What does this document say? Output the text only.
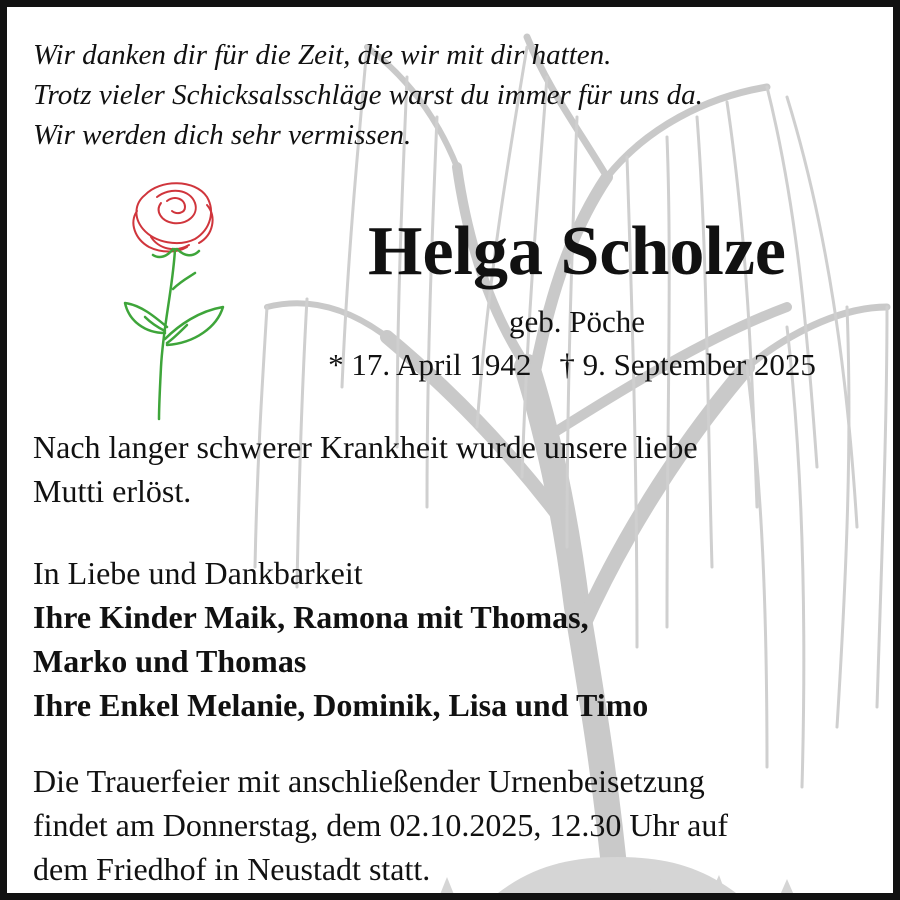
Wir danken dir für die Zeit, die wir mit dir hatten.
Trotz vieler Schicksalsschläge warst du immer für uns da.
Wir werden dich sehr vermissen.
Helga Scholze
geb. Pöche
* 17. April 1942 † 9. September 2025
Nach langer schwerer Krankheit wurde unsere liebe
Mutti erlöst.
In Liebe und Dankbarkeit
Ihre Kinder Maik, Ramona mit Thomas,
Marko und Thomas
Ihre Enkel Melanie, Dominik, Lisa und Timo
Die Trauerfeier mit anschließender Urnenbeisetzung
findet am Donnerstag, dem 02.10.2025, 12.30 Uhr auf
dem Friedhof in Neustadt statt.
